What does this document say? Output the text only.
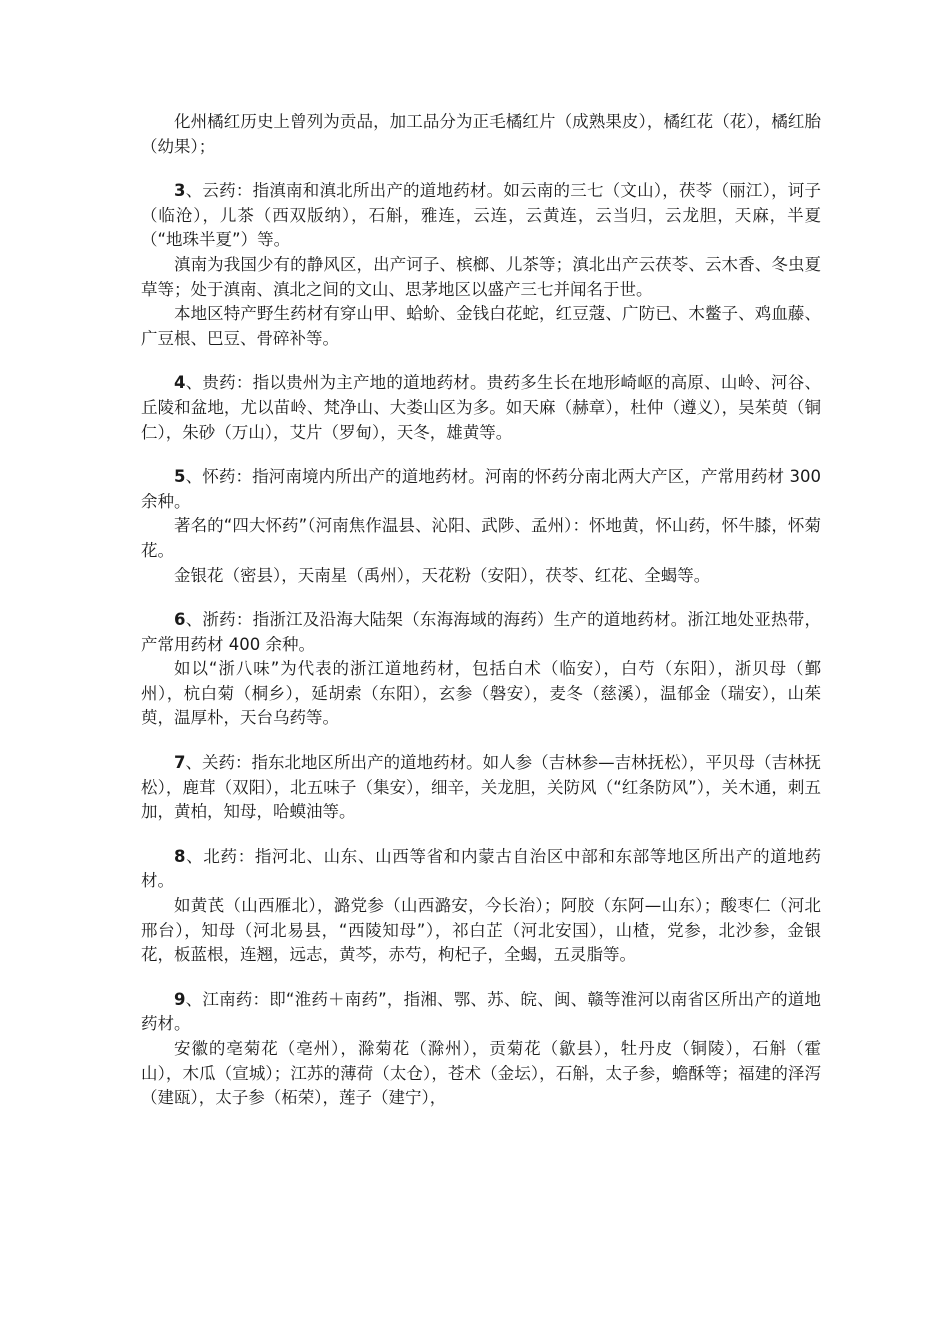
化州橘红历史上曾列为贡品，加工品分为正毛橘红片（成熟果皮），橘红花（花），橘红胎（幼果）；

3、云药：指滇南和滇北所出产的道地药材。如云南的三七（文山），茯苓（丽江），诃子（临沧），儿茶（西双版纳），石斛，雅连，云连，云黄连，云当归，云龙胆，天麻，半夏（“地珠半夏”）等。

滇南为我国少有的静风区，出产诃子、槟榔、儿茶等；滇北出产云茯苓、云木香、冬虫夏草等；处于滇南、滇北之间的文山、思茅地区以盛产三七并闻名于世。

本地区特产野生药材有穿山甲、蛤蚧、金钱白花蛇，红豆蔻、广防已、木鳖子、鸡血藤、广豆根、巴豆、骨碎补等。

4、贵药：指以贵州为主产地的道地药材。贵药多生长在地形崎岖的高原、山岭、河谷、丘陵和盆地，尤以苗岭、梵净山、大娄山区为多。如天麻（赫章），杜仲（遵义），吴茱萸（铜仁），朱砂（万山），艾片（罗甸），天冬，雄黄等。

5、怀药：指河南境内所出产的道地药材。河南的怀药分南北两大产区，产常用药材 300 余种。

著名的“四大怀药”（河南焦作温县、沁阳、武陟、孟州）：怀地黄，怀山药，怀牛膝，怀菊花。

金银花（密县），天南星（禹州），天花粉（安阳），茯苓、红花、全蝎等。

6、浙药：指浙江及沿海大陆架（东海海域的海药）生产的道地药材。浙江地处亚热带，产常用药材 400 余种。

如以“浙八味”为代表的浙江道地药材，包括白术（临安），白芍（东阳），浙贝母（鄞州），杭白菊（桐乡），延胡索（东阳），玄参（磐安），麦冬（慈溪），温郁金（瑞安），山茱萸，温厚朴，天台乌药等。

7、关药：指东北地区所出产的道地药材。如人参（吉林参—吉林抚松），平贝母（吉林抚松），鹿茸（双阳），北五味子（集安），细辛，关龙胆，关防风（“红条防风”），关木通，刺五加，黄柏，知母，哈蟆油等。

8、北药：指河北、山东、山西等省和内蒙古自治区中部和东部等地区所出产的道地药材。

如黄芪（山西雁北），潞党参（山西潞安，今长治）；阿胶（东阿—山东）；酸枣仁（河北邢台），知母（河北易县，“西陵知母”），祁白芷（河北安国），山楂，党参，北沙参，金银花，板蓝根，连翘，远志，黄芩，赤芍，枸杞子，全蝎，五灵脂等。

9、江南药：即“淮药＋南药”，指湘、鄂、苏、皖、闽、赣等淮河以南省区所出产的道地药材。

安徽的亳菊花（亳州），滁菊花（滁州），贡菊花（歙县），牡丹皮（铜陵），石斛（霍山），木瓜（宣城）；江苏的薄荷（太仓），苍术（金坛），石斛，太子参，蟾酥等；福建的泽泻（建瓯），太子参（柘荣），莲子（建宁），
